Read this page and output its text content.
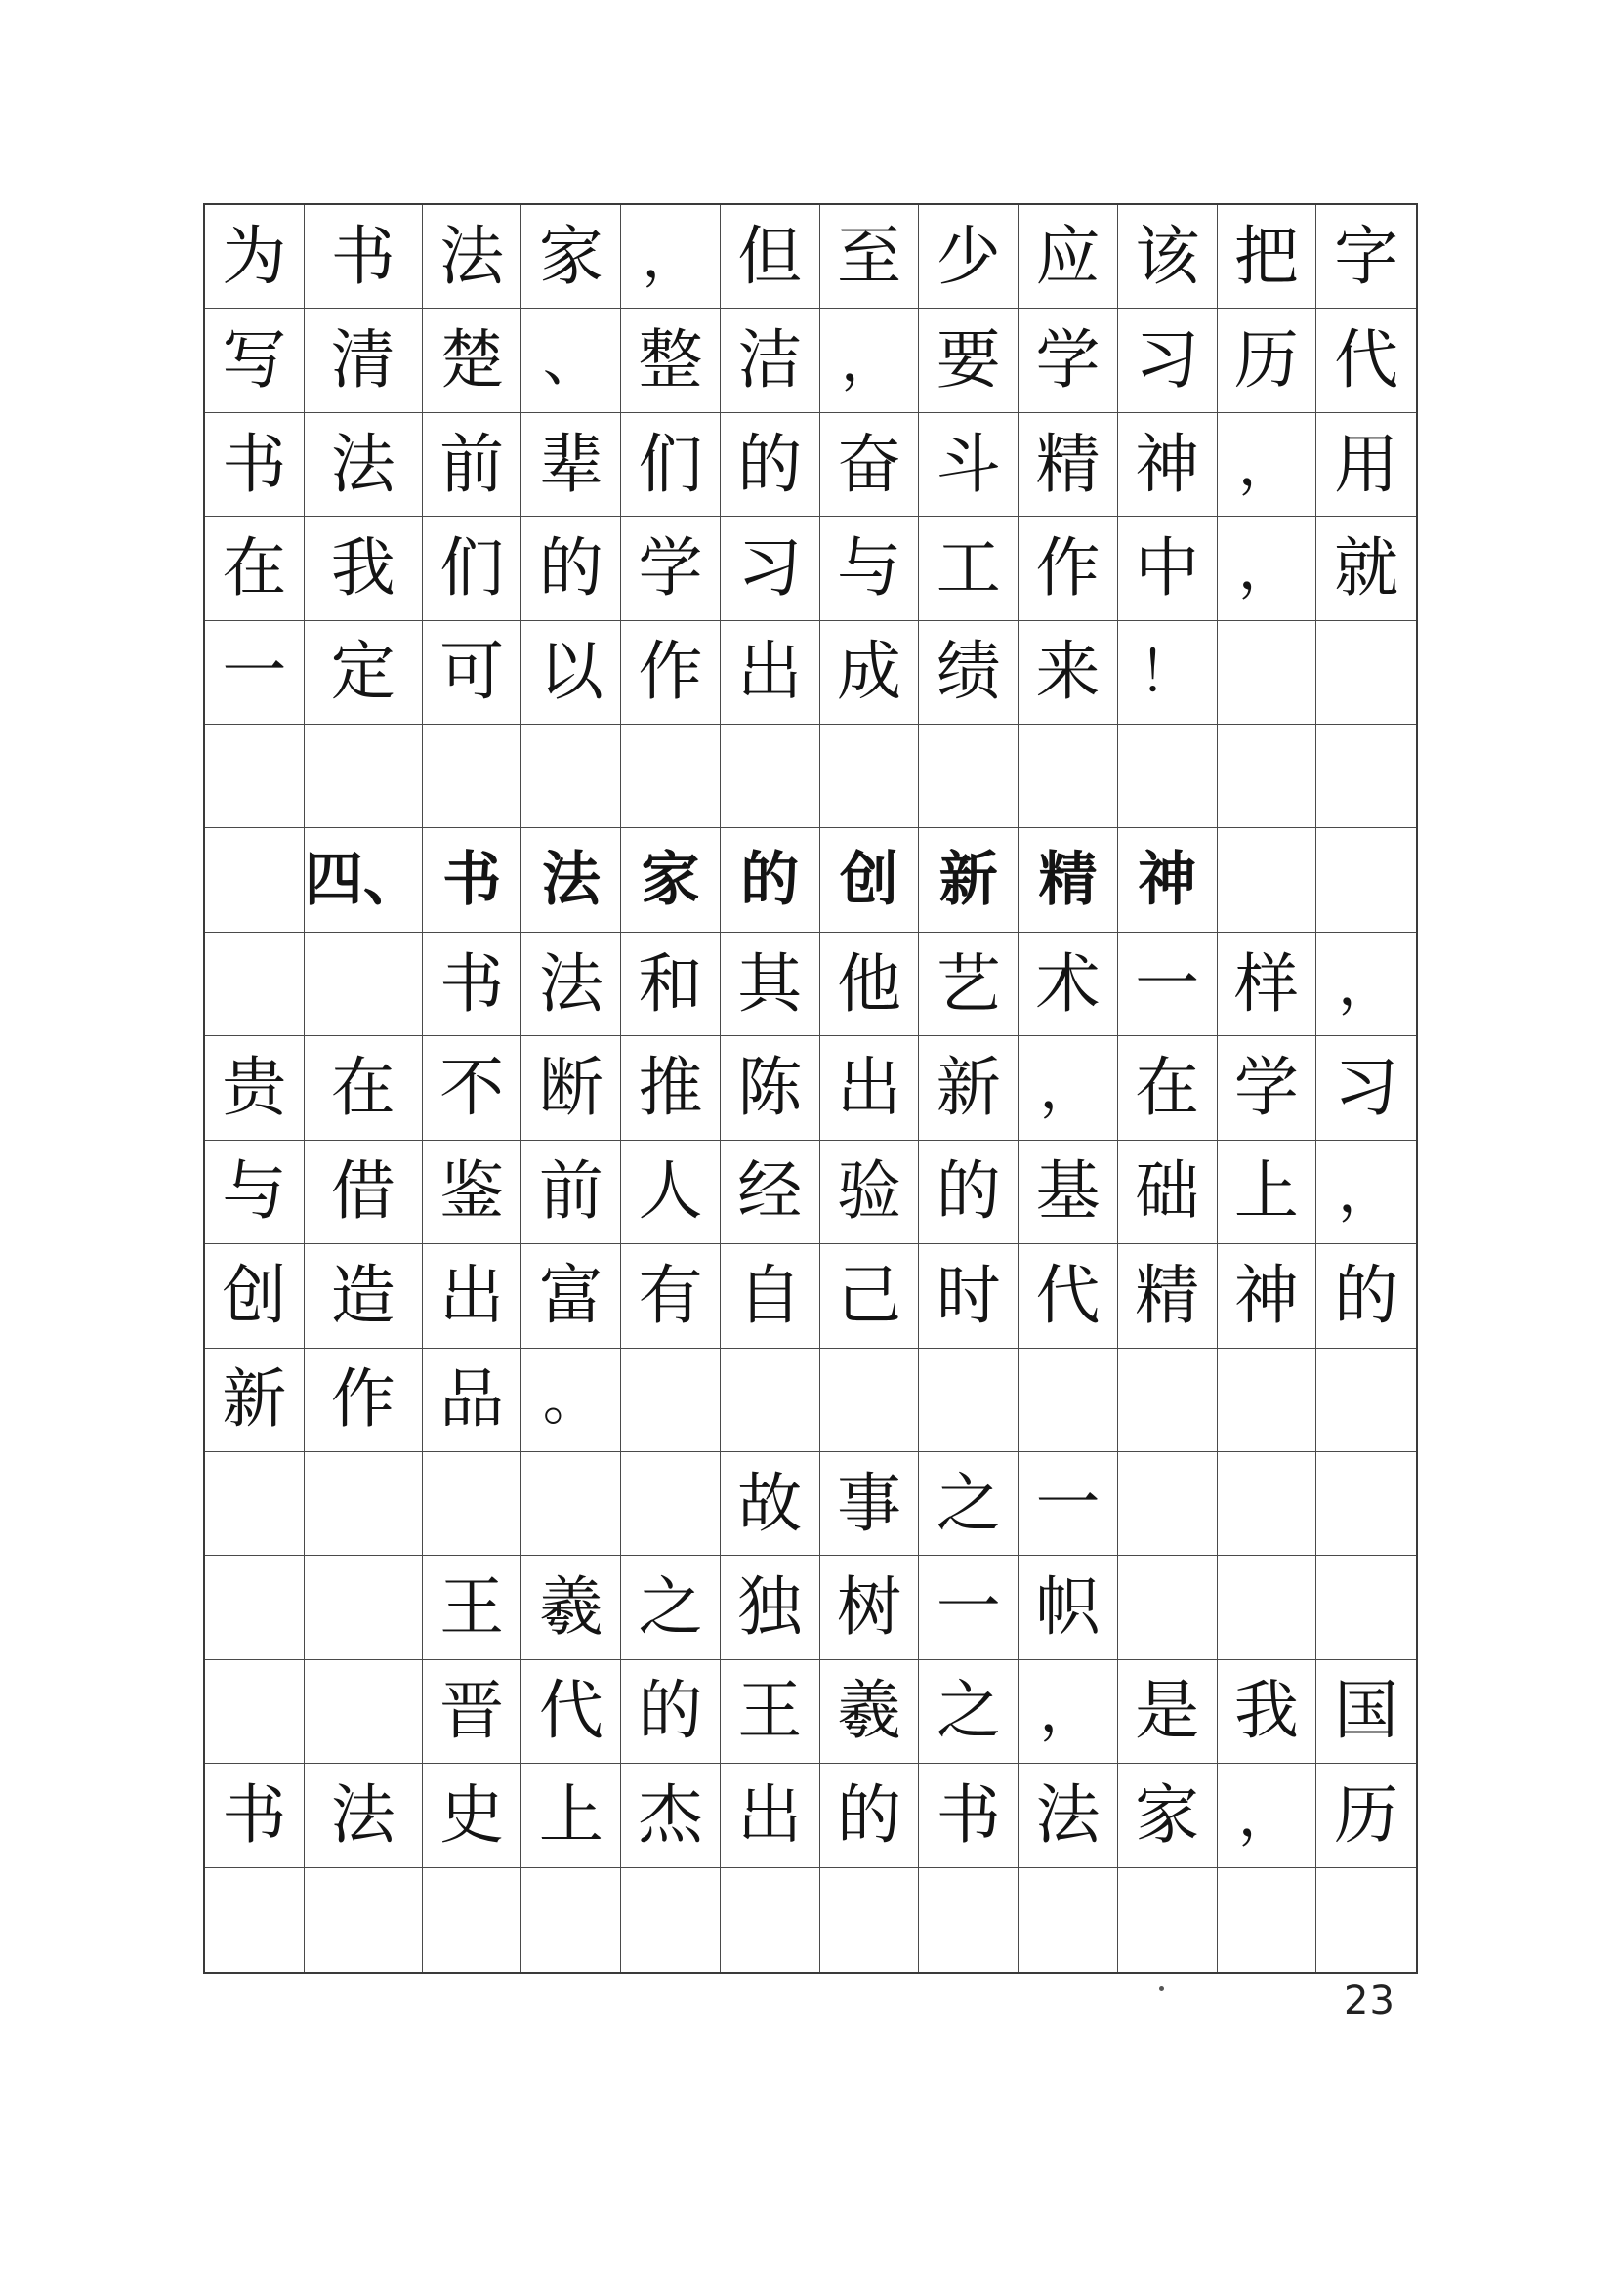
为 书 法 家 ， 但 至 少 应 该 把 字
写 清 楚 、 整 洁 ， 要 学 习 历 代
书 法 前 辈 们 的 奋 斗 精 神 ， 用
在 我 们 的 学 习 与 工 作 中 ， 就
一 定 可 以 作 出 成 绩 来 ！
四、 书 法 家 的 创 新 精 神
书 法 和 其 他 艺 术 一 样 ，
贵 在 不 断 推 陈 出 新 ， 在 学 习
与 借 鉴 前 人 经 验 的 基 础 上 ，
创 造 出 富 有 自 己 时 代 精 神 的
新 作 品 。
故 事 之 一
王 羲 之 独 树 一 帜
晋 代 的 王 羲 之 ， 是 我 国
书 法 史 上 杰 出 的 书 法 家 ， 历
23
